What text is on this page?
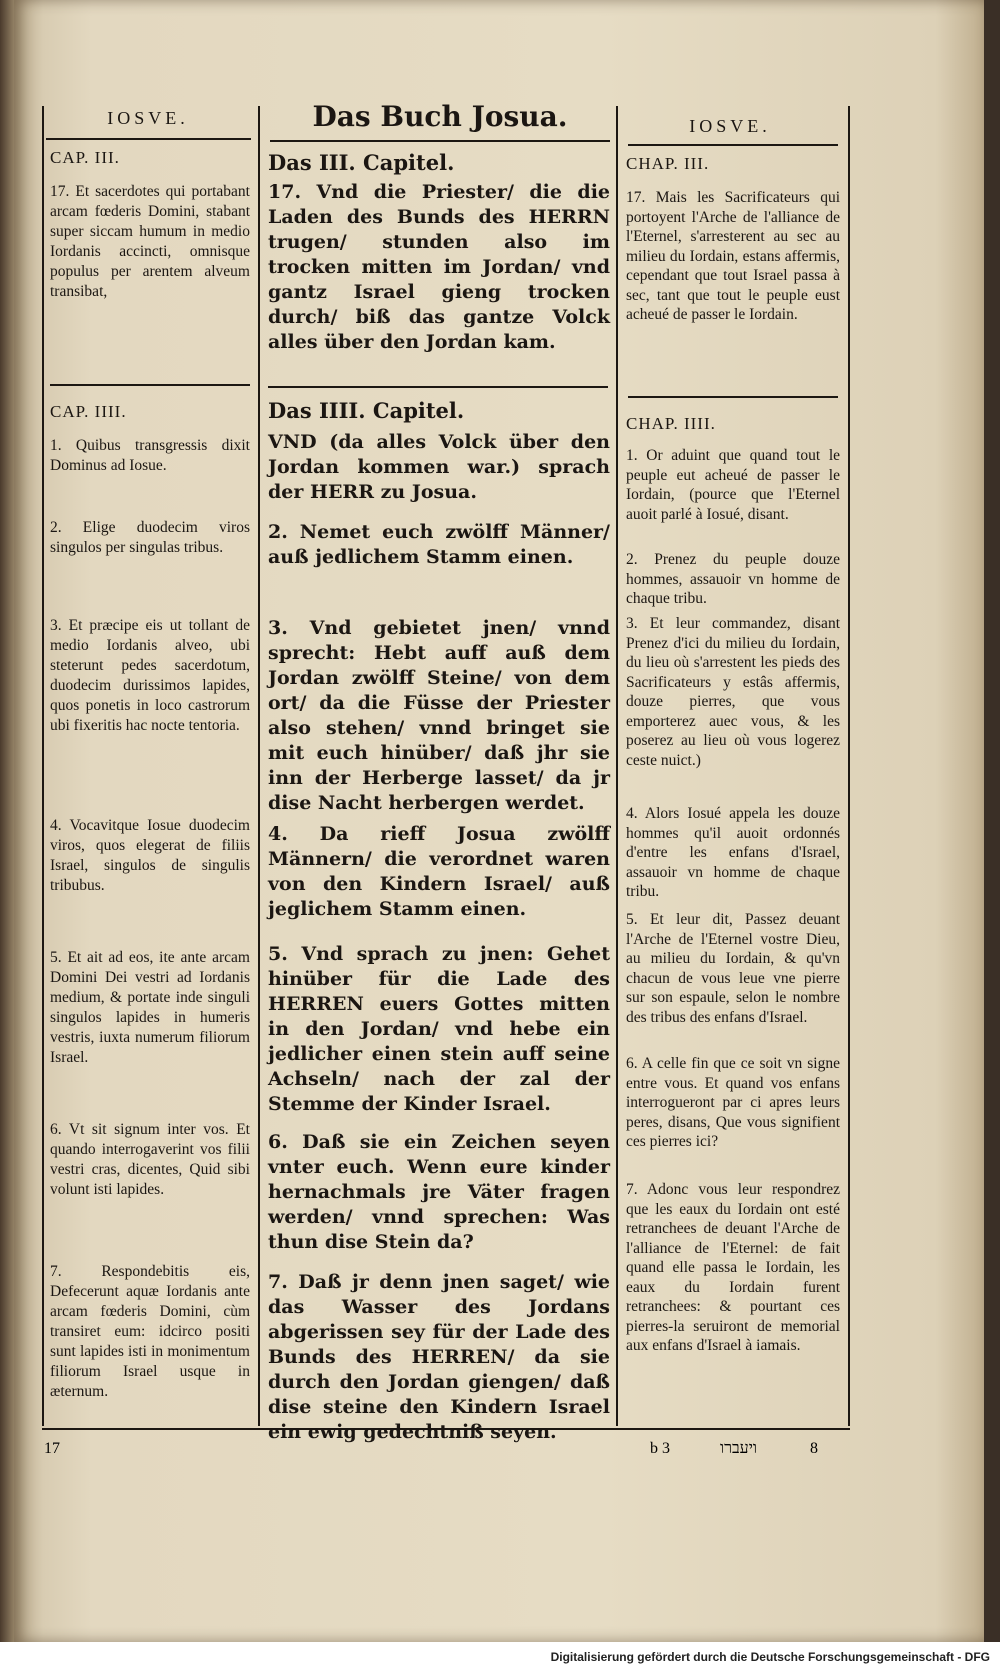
IOSVE.	Das Buch Josua.	IOSVE.
CAP. III.
17. Et sacerdotes qui portabant arcam fœderis Domini, stabant super siccam humum in medio Iordanis accincti, omnisque populus per arentem alveum transibat,
CAP. IIII.
1. Quibus transgressis dixit Dominus ad Iosue.
2. Elige duodecim viros singulos per singulas tribus.
3. Et præcipe eis ut tollant de medio Iordanis alveo, ubi steterunt pedes sacerdotum, duodecim durissimos lapides, quos ponetis in loco castrorum ubi fixeritis hac nocte tentoria.
4. Vocavitque Iosue duodecim viros, quos elegerat de filiis Israel, singulos de singulis tribubus.
5. Et ait ad eos, ite ante arcam Domini Dei vestri ad Iordanis medium, & portate inde singuli singulos lapides in humeris vestris, iuxta numerum filiorum Israel.
6. Vt sit signum inter vos. Et quando interrogaverint vos filii vestri cras, dicentes, Quid sibi volunt isti lapides.
7. Respondebitis eis, Defecerunt aquæ Iordanis ante arcam fœderis Domini, cùm transiret eum: idcirco positi sunt lapides isti in monimentum filiorum Israel usque in æternum.
Das III. Capitel.
17. Vnd die Priester/ die die Laden des Bunds des HERRN trugen/ stunden also im trocken mitten im Jordan/ vnd gantz Israel gieng trocken durch/ biß das gantze Volck alles über den Jordan kam.
Das IIII. Capitel.
VND (da alles Volck über den Jordan kommen war.) sprach der HERR zu Josua.
2. Nemet euch zwölff Männer/ auß jedlichem Stamm einen.
3. Vnd gebietet jnen/ vnnd sprecht: Hebt auff auß dem Jordan zwölff Steine/ von dem ort/ da die Füsse der Priester also stehen/ vnnd bringet sie mit euch hinüber/ daß jhr sie inn der Herberge lasset/ da jr dise Nacht herbergen werdet.
4. Da rieff Josua zwölff Männern/ die verordnet waren von den Kindern Israel/ auß jeglichem Stamm einen.
5. Vnd sprach zu jnen: Gehet hinüber für die Lade des HERREN euers Gottes mitten in den Jordan/ vnd hebe ein jedlicher einen stein auff seine Achseln/ nach der zal der Stemme der Kinder Israel.
6. Daß sie ein Zeichen seyen vnter euch. Wenn eure kinder hernachmals jre Väter fragen werden/ vnnd sprechen: Was thun dise Stein da?
7. Daß jr denn jnen saget/ wie das Wasser des Jordans abgerissen sey für der Lade des Bunds des HERREN/ da sie durch den Jordan giengen/ daß dise steine den Kindern Israel ein ewig gedechtniß seyen.
CHAP. III.
17. Mais les Sacrificateurs qui portoyent l'Arche de l'alliance de l'Eternel, s'arresterent au sec au milieu du Iordain, estans affermis, cependant que tout Israel passa à sec, tant que tout le peuple eust acheué de passer le Iordain.
CHAP. IIII.
1. Or aduint que quand tout le peuple eut acheué de passer le Iordain, (pource que l'Eternel auoit parlé à Iosué, disant.
2. Prenez du peuple douze hommes, assauoir vn homme de chaque tribu.
3. Et leur commandez, disant Prenez d'ici du milieu du Iordain, du lieu où s'arrestent les pieds des Sacrificateurs y estâs affermis, douze pierres, que vous emporterez auec vous, & les poserez au lieu où vous logerez ceste nuict.)
4. Alors Iosué appela les douze hommes qu'il auoit ordonnés d'entre les enfans d'Israel, assauoir vn homme de chaque tribu.
5. Et leur dit, Passez deuant l'Arche de l'Eternel vostre Dieu, au milieu du Iordain, & qu'vn chacun de vous leue vne pierre sur son espaule, selon le nombre des tribus des enfans d'Israel.
6. A celle fin que ce soit vn signe entre vous. Et quand vos enfans interrogueront par ci apres leurs peres, disans, Que vous signifient ces pierres ici?
7. Adonc vous leur respondrez que les eaux du Iordain ont esté retranchees de deuant l'Arche de l'alliance de l'Eternel: de fait quand elle passa le Iordain, les eaux du Iordain furent retranchees: & pourtant ces pierres-la seruiront de memorial aux enfans d'Israel à iamais.
17	b 3	ויעברו	8
Digitalisierung gefördert durch die Deutsche Forschungsgemeinschaft - DFG
